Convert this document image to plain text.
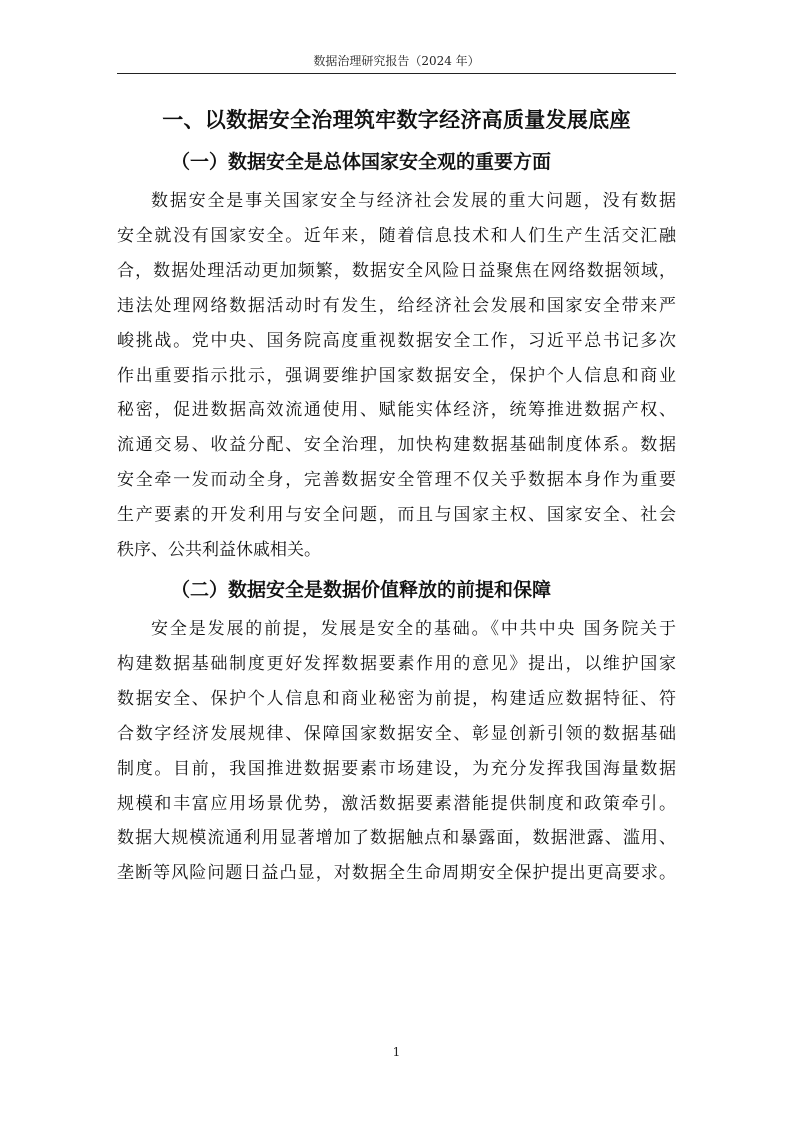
数据治理研究报告（2024 年）
一、以数据安全治理筑牢数字经济高质量发展底座
（一）数据安全是总体国家安全观的重要方面
数据安全是事关国家安全与经济社会发展的重大问题，没有数据
安全就没有国家安全。近年来，随着信息技术和人们生产生活交汇融
合，数据处理活动更加频繁，数据安全风险日益聚焦在网络数据领域，
违法处理网络数据活动时有发生，给经济社会发展和国家安全带来严
峻挑战。党中央、国务院高度重视数据安全工作，习近平总书记多次
作出重要指示批示，强调要维护国家数据安全，保护个人信息和商业
秘密，促进数据高效流通使用、赋能实体经济，统筹推进数据产权、
流通交易、收益分配、安全治理，加快构建数据基础制度体系。数据
安全牵一发而动全身，完善数据安全管理不仅关乎数据本身作为重要
生产要素的开发利用与安全问题，而且与国家主权、国家安全、社会
秩序、公共利益休戚相关。
（二）数据安全是数据价值释放的前提和保障
安全是发展的前提，发展是安全的基础。《中共中央 国务院关于
构建数据基础制度更好发挥数据要素作用的意见》提出，以维护国家
数据安全、保护个人信息和商业秘密为前提，构建适应数据特征、符
合数字经济发展规律、保障国家数据安全、彰显创新引领的数据基础
制度。目前，我国推进数据要素市场建设，为充分发挥我国海量数据
规模和丰富应用场景优势，激活数据要素潜能提供制度和政策牵引。
数据大规模流通利用显著增加了数据触点和暴露面，数据泄露、滥用、
垄断等风险问题日益凸显，对数据全生命周期安全保护提出更高要求。
1
